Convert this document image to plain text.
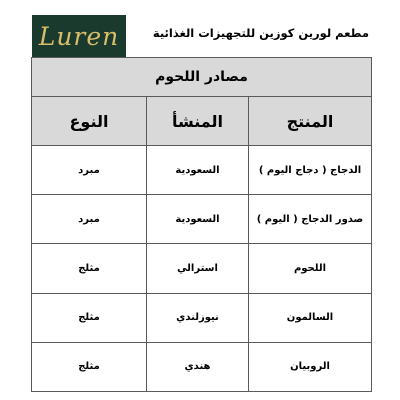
Luren	مطعم لورين كوزين للتجهيزات الغذائية
مصادر اللحوم		
المنتج	المنشأ	النوع
الدجاج ( دجاج اليوم )	السعودية	مبرد
صدور الدجاج ( اليوم )	السعودية	مبرد
اللحوم	استرالي	مثلج
السالمون	نيوزلندي	مثلج
الروبيان	هندي	مثلج
